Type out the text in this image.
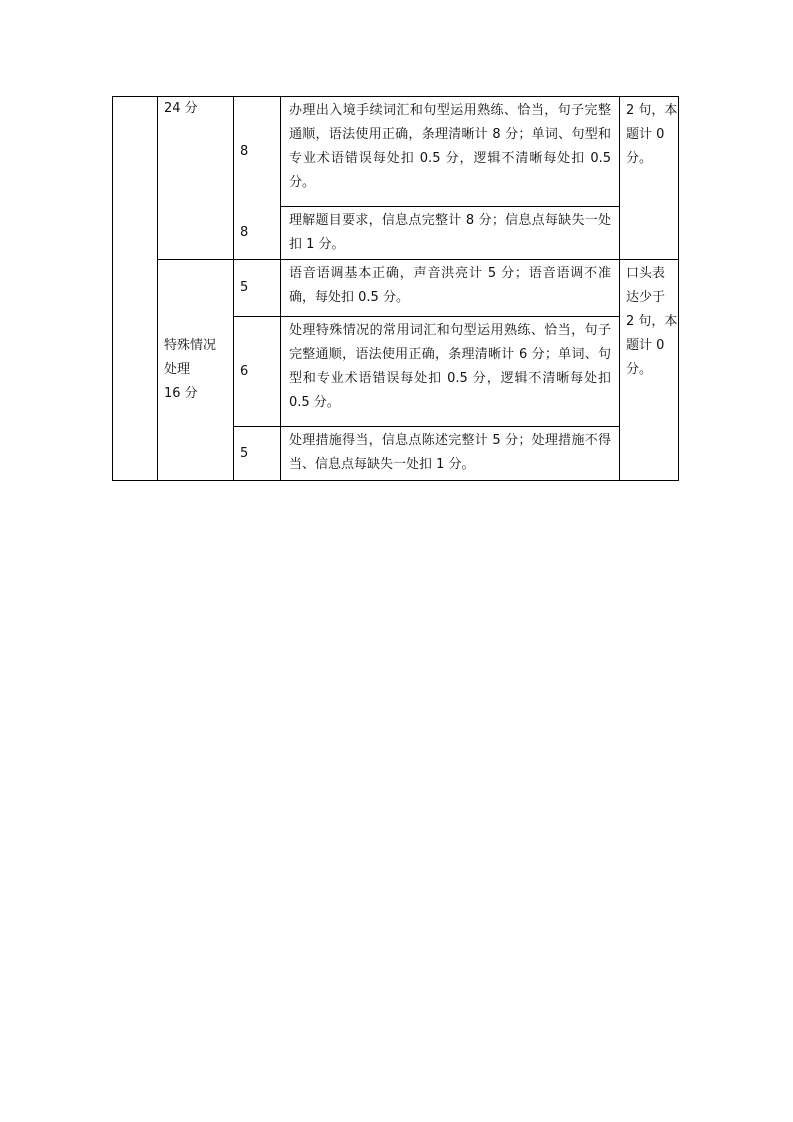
24 分
8
办理出入境手续词汇和句型运用熟练、恰当，句子完整通顺，语法使用正确，条理清晰计 8 分；单词、句型和专业术语错误每处扣 0.5 分，逻辑不清晰每处扣 0.5 分。
8
理解题目要求，信息点完整计 8 分；信息点每缺失一处扣 1 分。
2 句，本
题计 0
分。
特殊情况
处理
16 分
5
语音语调基本正确，声音洪亮计 5 分；语音语调不准确，每处扣 0.5 分。
6
处理特殊情况的常用词汇和句型运用熟练、恰当，句子完整通顺，语法使用正确，条理清晰计 6 分；单词、句型和专业术语错误每处扣 0.5 分，逻辑不清晰每处扣 0.5 分。
5
处理措施得当，信息点陈述完整计 5 分；处理措施不得当、信息点每缺失一处扣 1 分。
口头表
达少于
2 句，本
题计 0
分。
